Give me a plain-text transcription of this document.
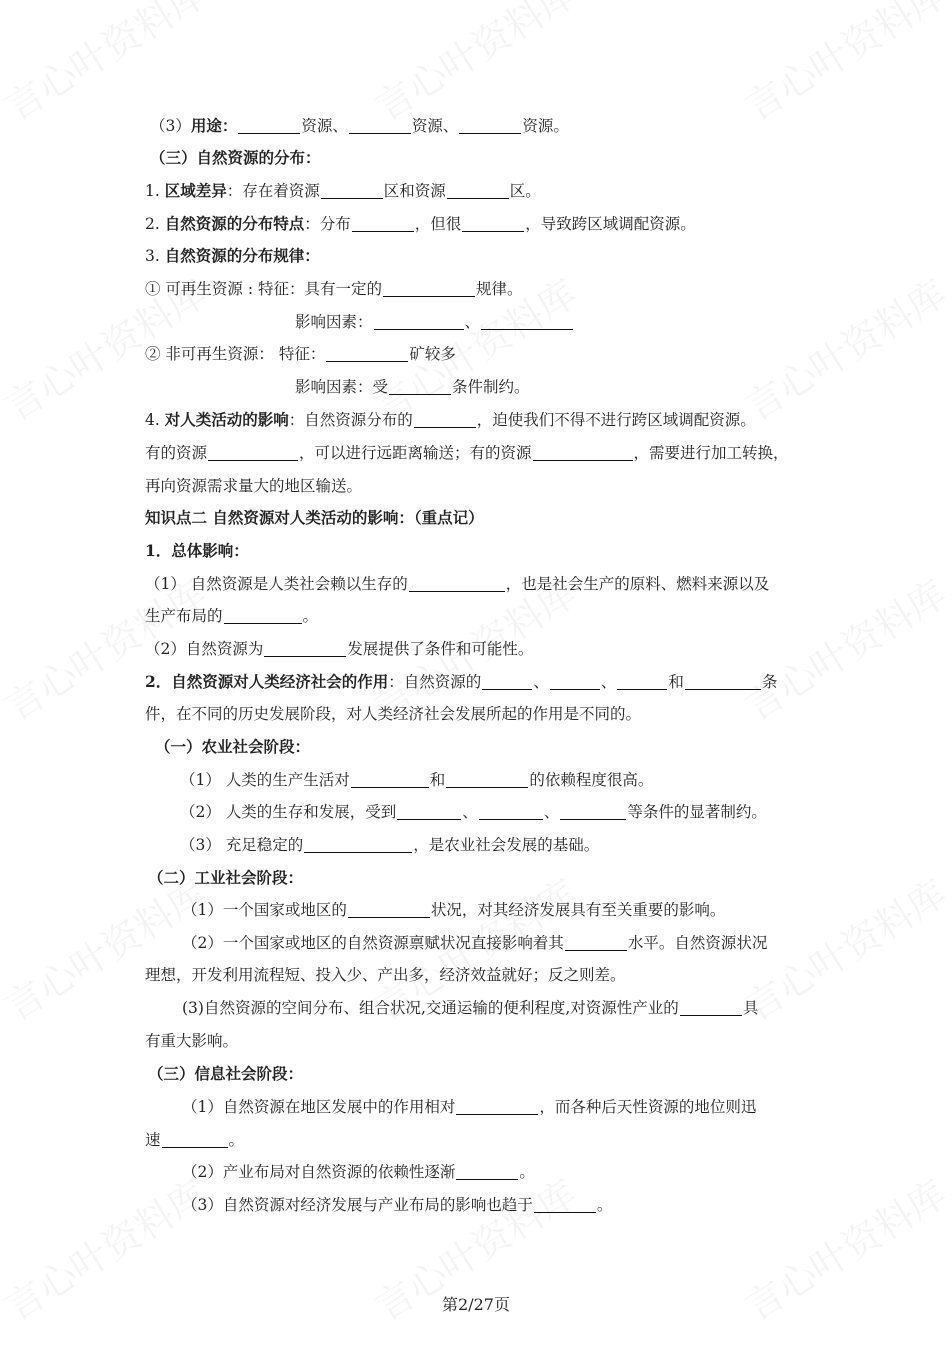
（3）用途：	资源、	资源、	资源。
（三）自然资源的分布：
1. 区域差异：存在着资源	区和资源	区。
2. 自然资源的分布特点：分布	，但很	，导致跨区域调配资源。
3. 自然资源的分布规律：
① 可再生资源 : 特征：具有一定的	规律。
影响因素：	、
② 非可再生资源： 特征：	矿较多
影响因素：受	条件制约。
4. 对人类活动的影响：自然资源分布的	，迫使我们不得不进行跨区域调配资源。
有的资源	，可以进行远距离输送；有的资源	，需要进行加工转换，
再向资源需求量大的地区输送。
知识点二 自然资源对人类活动的影响：（重点记）
1．总体影响：
（1） 自然资源是人类社会赖以生存的	，也是社会生产的原料、燃料来源以及
生产布局的	。
（2）自然资源为	发展提供了条件和可能性。
2．自然资源对人类经济社会的作用：自然资源的	、	、	和	条
件，在不同的历史发展阶段，对人类经济社会发展所起的作用是不同的。
（一）农业社会阶段：
（1） 人类的生产生活对	和	的依赖程度很高。
（2） 人类的生存和发展，受到	、	、	等条件的显著制约。
（3） 充足稳定的	，是农业社会发展的基础。
（二）工业社会阶段：
（1）一个国家或地区的	状况，对其经济发展具有至关重要的影响。
（2）一个国家或地区的自然资源禀赋状况直接影响着其	水平。自然资源状况
理想，开发利用流程短、投入少、产出多，经济效益就好；反之则差。
(3)自然资源的空间分布、组合状况,交通运输的便利程度,对资源性产业的	具
有重大影响。
（三）信息社会阶段：
（1）自然资源在地区发展中的作用相对	，而各种后天性资源的地位则迅
速	。
（2）产业布局对自然资源的依赖性逐渐	。
（3）自然资源对经济发展与产业布局的影响也趋于	。
第2/27页
